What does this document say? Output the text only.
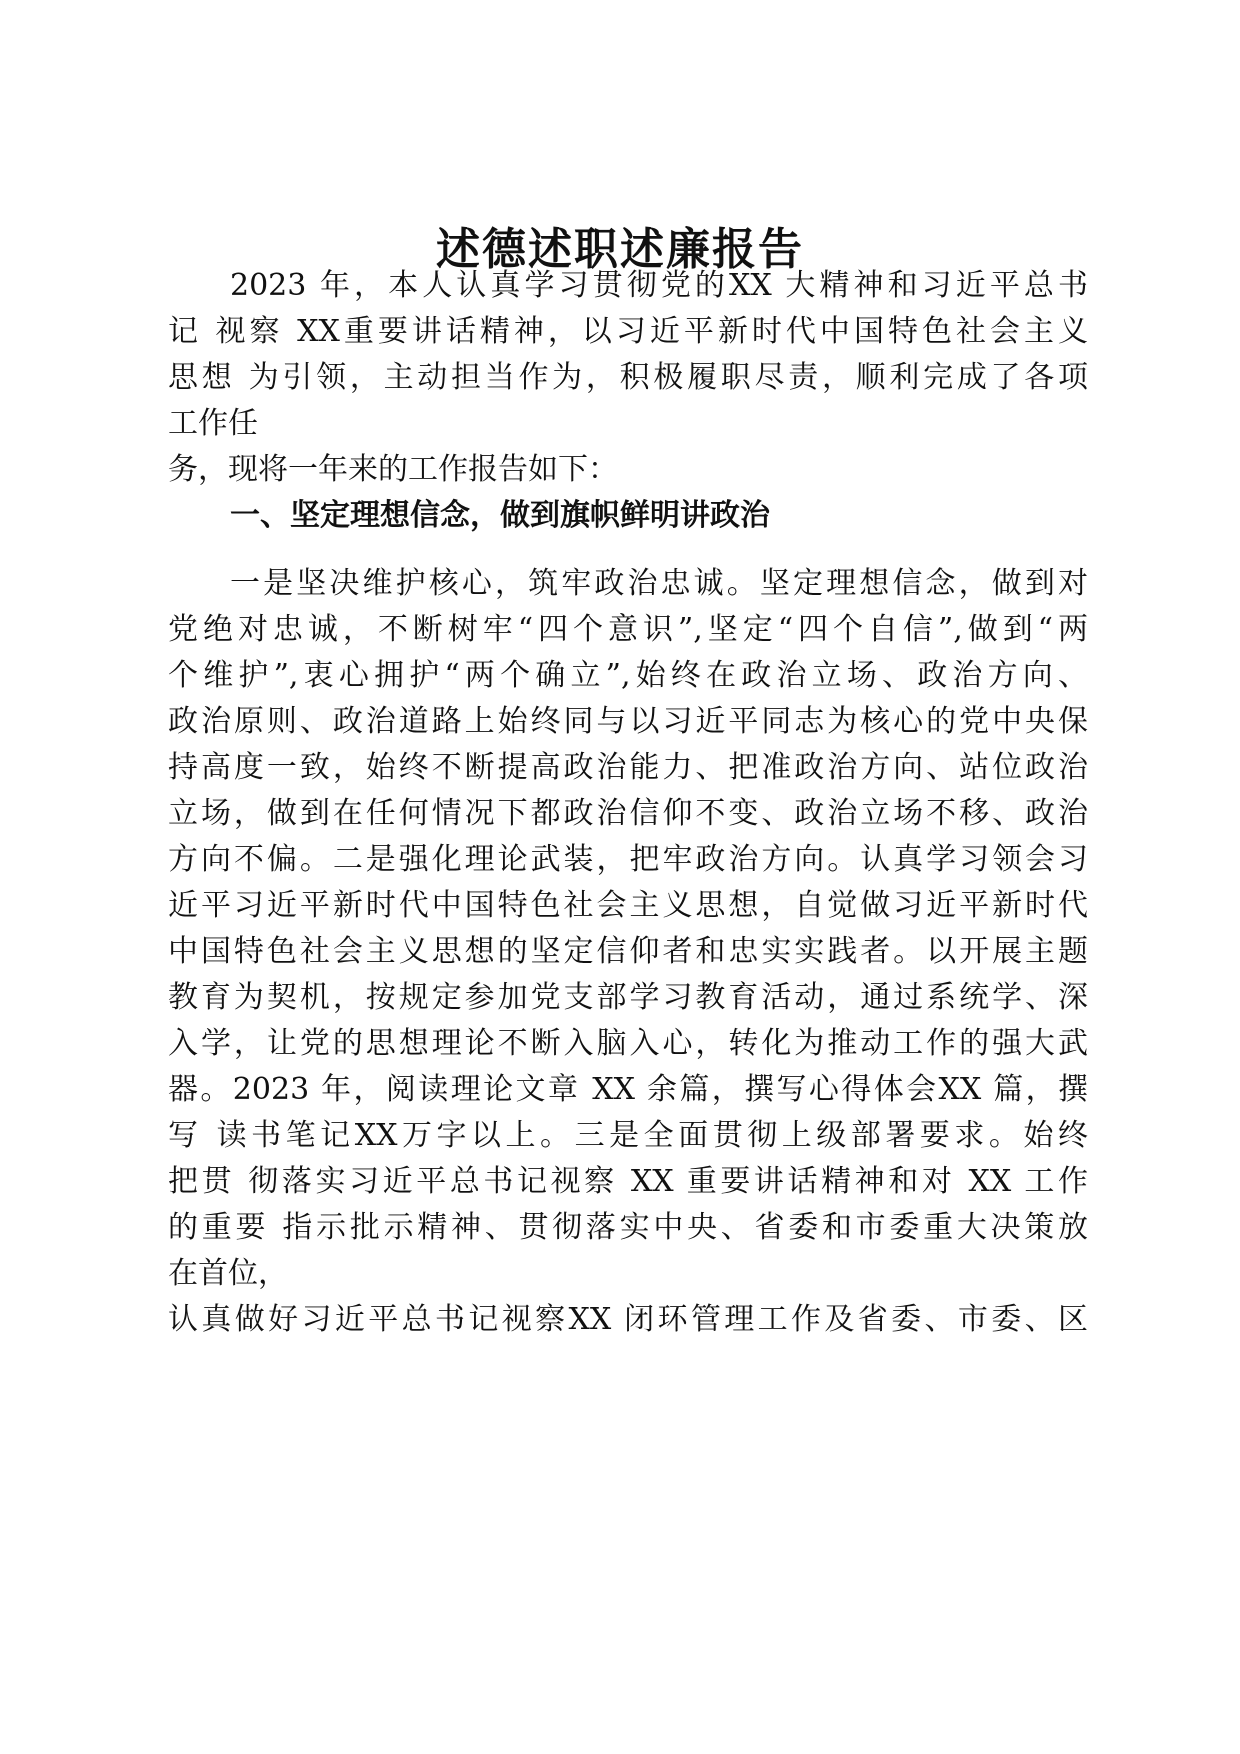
述德述职述廉报告
2023 年，本人认真学习贯彻党的XX 大精神和习近平总书
记 视察 XX重要讲话精神，以习近平新时代中国特色社会主义
思想 为引领，主动担当作为，积极履职尽责，顺利完成了各项
工作任
务，现将一年来的工作报告如下：
一、坚定理想信念，做到旗帜鲜明讲政治
一是坚决维护核心，筑牢政治忠诚。坚定理想信念，做到对
党绝对忠诚，不断树牢“四个意识”,坚定“四个自信”,做到“两
个维护”,衷心拥护“两个确立”,始终在政治立场、政治方向、
政治原则、政治道路上始终同与以习近平同志为核心的党中央保
持高度一致，始终不断提高政治能力、把准政治方向、站位政治
立场，做到在任何情况下都政治信仰不变、政治立场不移、政治
方向不偏。二是强化理论武装，把牢政治方向。认真学习领会习
近平习近平新时代中国特色社会主义思想，自觉做习近平新时代
中国特色社会主义思想的坚定信仰者和忠实实践者。以开展主题
教育为契机，按规定参加党支部学习教育活动，通过系统学、深
入学，让党的思想理论不断入脑入心，转化为推动工作的强大武
器。2023 年，阅读理论文章 XX 余篇，撰写心得体会XX 篇，撰
写 读书笔记XX万字以上。三是全面贯彻上级部署要求。始终
把贯 彻落实习近平总书记视察 XX 重要讲话精神和对 XX 工作
的重要 指示批示精神、贯彻落实中央、省委和市委重大决策放
在首位，
认真做好习近平总书记视察XX 闭环管理工作及省委、市委、区
